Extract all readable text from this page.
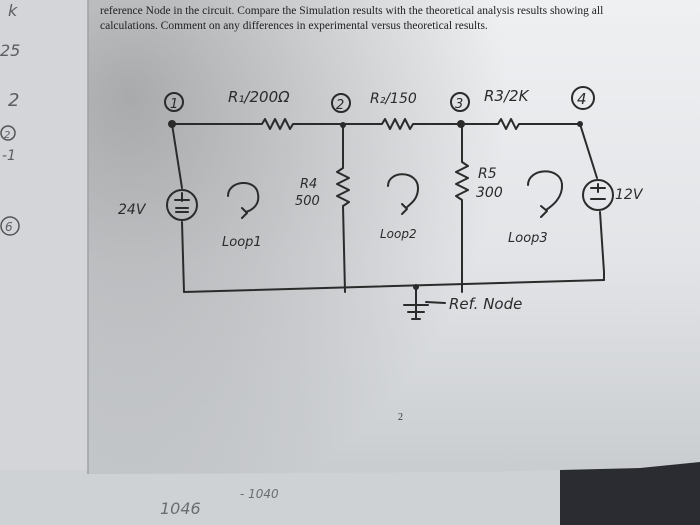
1	2	3	4
R₁/200Ω	R₂/150	R3/2K
R4
500
R5
300
24V
12V
Loop1
Loop2	Loop3
Ref. Node
k
25
2
2
-1
6
2
1046
- 1040
reference Node in the circuit. Compare the Simulation results with the theoretical analysis results showing all
calculations. Comment on any differences in experimental versus theoretical results.
